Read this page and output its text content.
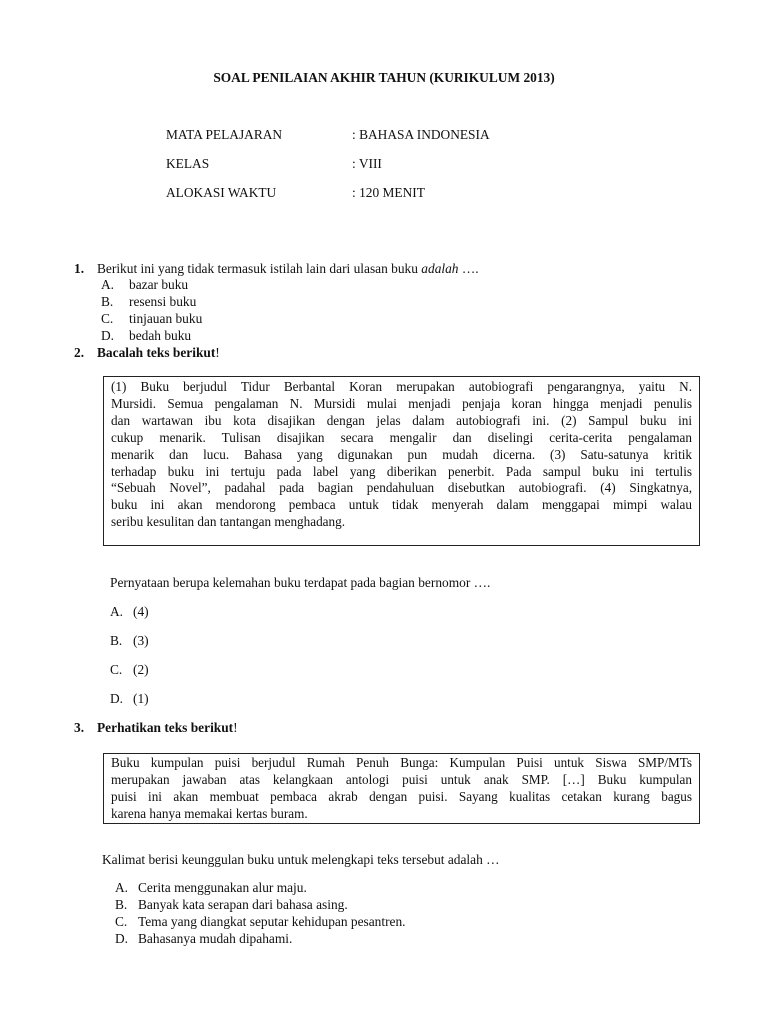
SOAL PENILAIAN AKHIR TAHUN (KURIKULUM 2013)
MATA PELAJARAN	: BAHASA INDONESIA
KELAS	: VIII
ALOKASI WAKTU	: 120 MENIT
1. Berikut ini yang tidak termasuk istilah lain dari ulasan buku adalah ….
A. bazar buku
B. resensi buku
C. tinjauan buku
D. bedah buku
2. Bacalah teks berikut!
(1) Buku berjudul Tidur Berbantal Koran merupakan autobiografi pengarangnya, yaitu N.
Mursidi. Semua pengalaman N. Mursidi mulai menjadi penjaja koran hingga menjadi penulis
dan wartawan ibu kota disajikan dengan jelas dalam autobiografi ini. (2) Sampul buku ini
cukup menarik. Tulisan disajikan secara mengalir dan diselingi cerita-cerita pengalaman
menarik dan lucu. Bahasa yang digunakan pun mudah dicerna. (3) Satu-satunya kritik
terhadap buku ini tertuju pada label yang diberikan penerbit. Pada sampul buku ini tertulis
“Sebuah Novel”, padahal pada bagian pendahuluan disebutkan autobiografi. (4) Singkatnya,
buku ini akan mendorong pembaca untuk tidak menyerah dalam menggapai mimpi walau
seribu kesulitan dan tantangan menghadang.
Pernyataan berupa kelemahan buku terdapat pada bagian bernomor ….
A. (4)
B. (3)
C. (2)
D. (1)
3. Perhatikan teks berikut!
Buku kumpulan puisi berjudul Rumah Penuh Bunga: Kumpulan Puisi untuk Siswa SMP/MTs
merupakan jawaban atas kelangkaan antologi puisi untuk anak SMP. […] Buku kumpulan
puisi ini akan membuat pembaca akrab dengan puisi. Sayang kualitas cetakan kurang bagus
karena hanya memakai kertas buram.
Kalimat berisi keunggulan buku untuk melengkapi teks tersebut adalah …
A. Cerita menggunakan alur maju.
B. Banyak kata serapan dari bahasa asing.
C. Tema yang diangkat seputar kehidupan pesantren.
D. Bahasanya mudah dipahami.
